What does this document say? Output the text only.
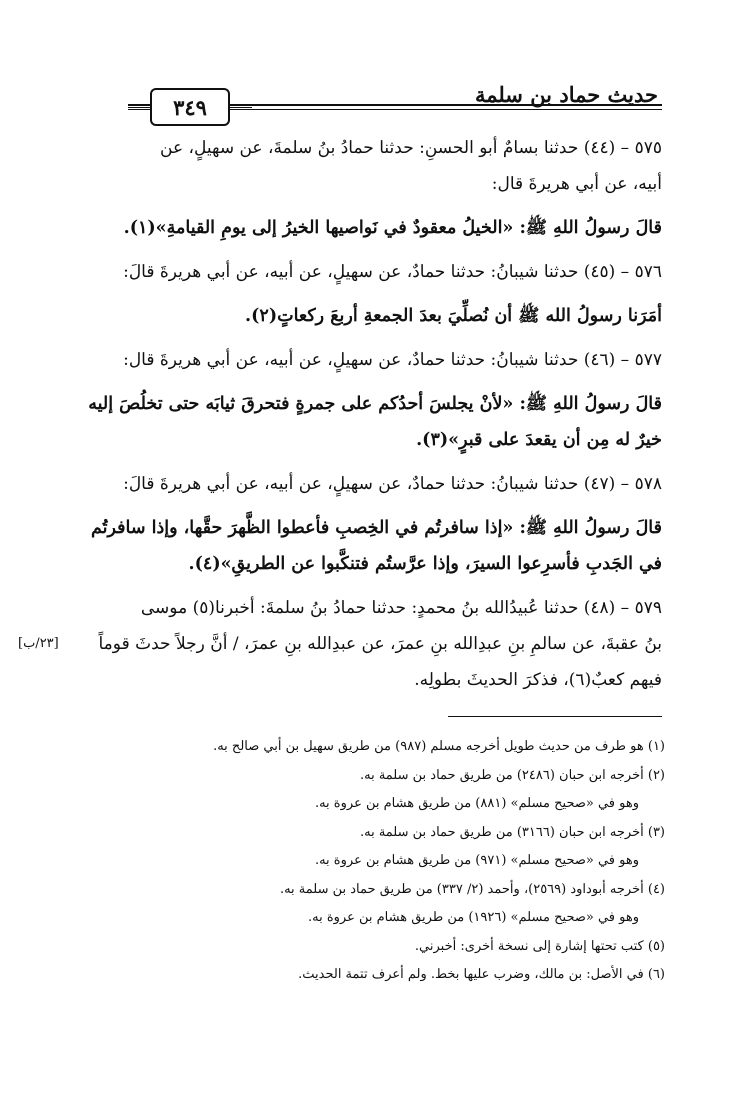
حديث حماد بن سلمة
٣٤٩
٥٧٥ – (٤٤) حدثنا بسامٌ أبو الحسنِ: حدثنا حمادُ بنُ سلمةَ، عن سهيلٍ، عن
أبيه، عن أبي هريرةَ قال:
قالَ رسولُ اللهِ ﷺ: «الخيلُ معقودٌ في نَواصيها الخيرُ إلى يومِ القيامةِ»(١).
٥٧٦ – (٤٥) حدثنا شيبانُ: حدثنا حمادٌ، عن سهيلٍ، عن أبيه، عن أبي هريرةَ قالَ:
أمَرَنا رسولُ الله ﷺ أن نُصلِّيَ بعدَ الجمعةِ أربعَ ركعاتٍ(٢).
٥٧٧ – (٤٦) حدثنا شيبانُ: حدثنا حمادٌ، عن سهيلٍ، عن أبيه، عن أبي هريرةَ قال:
قالَ رسولُ اللهِ ﷺ: «لأنْ يجلسَ أحدُكم على جمرةٍ فتحرقَ ثيابَه حتى تخلُصَ إليه
خيرٌ له مِن أن يقعدَ على قبرٍ»(٣).
٥٧٨ – (٤٧) حدثنا شيبانُ: حدثنا حمادٌ، عن سهيلٍ، عن أبيه، عن أبي هريرةَ قالَ:
قالَ رسولُ اللهِ ﷺ: «إذا سافرتُم في الخِصبِ فأعطوا الظَّهرَ حقَّها، وإذا سافرتُم
في الجَدبِ فأسرِعوا السيرَ، وإذا عرَّستُم فتنكَّبوا عن الطريقِ»(٤).
٥٧٩ – (٤٨) حدثنا عُبيدُالله بنُ محمدٍ: حدثنا حمادُ بنُ سلمةَ: أخبرنا(٥) موسى
بنُ عقبةَ، عن سالمِ بنِ عبدِالله بنِ عمرَ، عن عبدِالله بنِ عمرَ، / أنَّ رجلاً حدثَ قوماً
فيهم كعبٌ(٦)، فذكرَ الحديثَ بطولِه.
[٢٣/ب]
(١) هو طرف من حديث طويل أخرجه مسلم (٩٨٧) من طريق سهيل بن أبي صالح به.
(٢) أخرجه ابن حبان (٢٤٨٦) من طريق حماد بن سلمة به.
وهو في «صحيح مسلم» (٨٨١) من طريق هشام بن عروة به.
(٣) أخرجه ابن حبان (٣١٦٦) من طريق حماد بن سلمة به.
وهو في «صحيح مسلم» (٩٧١) من طريق هشام بن عروة به.
(٤) أخرجه أبوداود (٢٥٦٩)، وأحمد (٢/ ٣٣٧) من طريق حماد بن سلمة به.
وهو في «صحيح مسلم» (١٩٢٦) من طريق هشام بن عروة به.
(٥) كتب تحتها إشارة إلى نسخة أخرى: أخبرني.
(٦) في الأصل: بن مالك، وضرب عليها بخط. ولم أعرف تتمة الحديث.
